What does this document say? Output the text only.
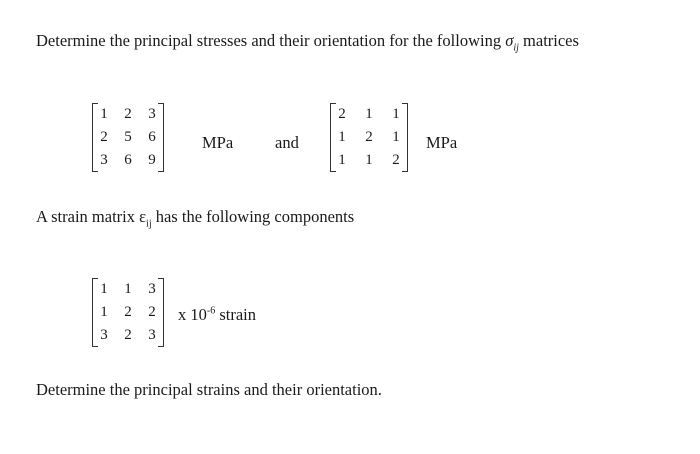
Determine the principal stresses and their orientation for the following $\sigma_{ij}$ matrices
1 2 3
2 5 6
3 6 9
MPa	and
2 1 1
1 2 1
1 1 2
MPa
A strain matrix $\varepsilon_{ij}$ has the following components
1 1 3
1 2 2
3 2 3
x $10^{-6}$ strain
Determine the principal strains and their orientation.
